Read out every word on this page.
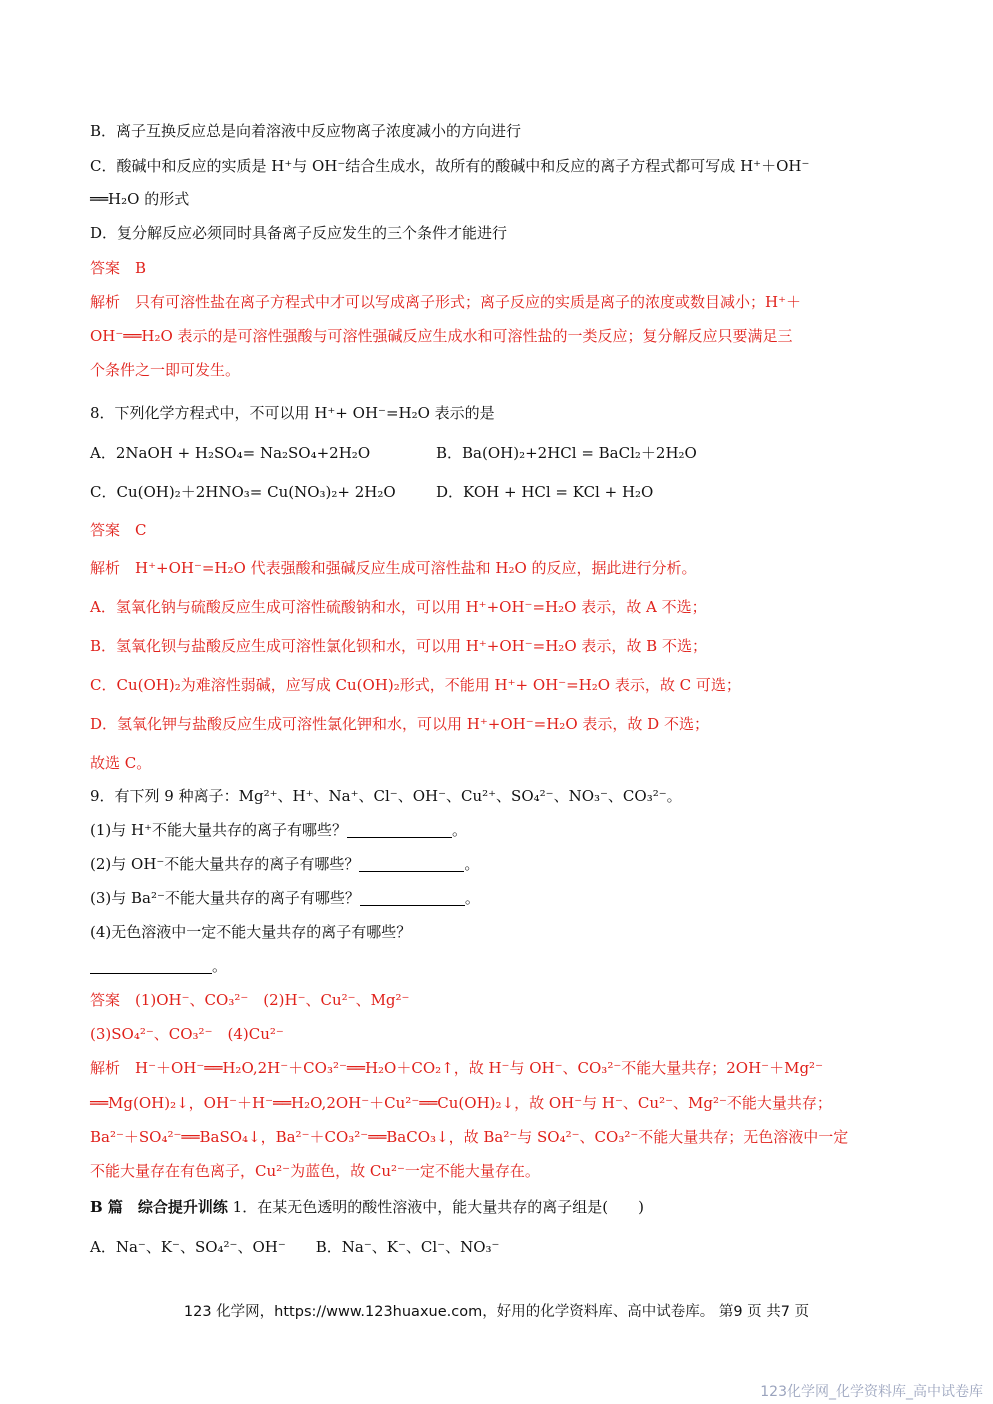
B．离子互换反应总是向着溶液中反应物离子浓度减小的方向进行
C．酸碱中和反应的实质是 H⁺与 OH⁻结合生成水，故所有的酸碱中和反应的离子方程式都可写成 H⁺＋OH⁻
══H₂O 的形式
D．复分解反应必须同时具备离子反应发生的三个条件才能进行
答案　B
解析　只有可溶性盐在离子方程式中才可以写成离子形式；离子反应的实质是离子的浓度或数目减小；H⁺＋
OH⁻══H₂O 表示的是可溶性强酸与可溶性强碱反应生成水和可溶性盐的一类反应；复分解反应只要满足三
个条件之一即可发生。
8．下列化学方程式中，不可以用 H⁺+ OH⁻=H₂O 表示的是
A．2NaOH + H₂SO₄= Na₂SO₄+2H₂O	B．Ba(OH)₂+2HCl = BaCl₂＋2H₂O
C．Cu(OH)₂＋2HNO₃= Cu(NO₃)₂+ 2H₂O	D．KOH + HCl = KCl + H₂O
答案　C
解析　H⁺+OH⁻=H₂O 代表强酸和强碱反应生成可溶性盐和 H₂O 的反应，据此进行分析。
A．氢氧化钠与硫酸反应生成可溶性硫酸钠和水，可以用 H⁺+OH⁻=H₂O 表示，故 A 不选；
B．氢氧化钡与盐酸反应生成可溶性氯化钡和水，可以用 H⁺+OH⁻=H₂O 表示，故 B 不选；
C．Cu(OH)₂为难溶性弱碱，应写成 Cu(OH)₂形式，不能用 H⁺+ OH⁻=H₂O 表示，故 C 可选；
D．氢氧化钾与盐酸反应生成可溶性氯化钾和水，可以用 H⁺+OH⁻=H₂O 表示，故 D 不选；
故选 C。
9．有下列 9 种离子：Mg²⁺、H⁺、Na⁺、Cl⁻、OH⁻、Cu²⁺、SO₄²⁻、NO₃⁻、CO₃²⁻。
(1)与 H⁺不能大量共存的离子有哪些？	。
(2)与 OH⁻不能大量共存的离子有哪些？	。
(3)与 Ba²⁻不能大量共存的离子有哪些？	。
(4)无色溶液中一定不能大量共存的离子有哪些？
。
答案　(1)OH⁻、CO₃²⁻　(2)H⁻、Cu²⁻、Mg²⁻
(3)SO₄²⁻、CO₃²⁻　(4)Cu²⁻
解析　H⁻＋OH⁻══H₂O,2H⁻＋CO₃²⁻══H₂O＋CO₂↑，故 H⁻与 OH⁻、CO₃²⁻不能大量共存；2OH⁻＋Mg²⁻
══Mg(OH)₂↓，OH⁻＋H⁻══H₂O,2OH⁻＋Cu²⁻══Cu(OH)₂↓，故 OH⁻与 H⁻、Cu²⁻、Mg²⁻不能大量共存；
Ba²⁻＋SO₄²⁻══BaSO₄↓，Ba²⁻＋CO₃²⁻══BaCO₃↓，故 Ba²⁻与 SO₄²⁻、CO₃²⁻不能大量共存；无色溶液中一定
不能大量存在有色离子，Cu²⁻为蓝色，故 Cu²⁻一定不能大量存在。
B 篇　综合提升训练 1．在某无色透明的酸性溶液中，能大量共存的离子组是(　　)
A．Na⁻、K⁻、SO₄²⁻、OH⁻　　B．Na⁻、K⁻、Cl⁻、NO₃⁻
123 化学网，https://www.123huaxue.com，好用的化学资料库、高中试卷库。 第9 页 共7 页
123化学网_化学资料库_高中试卷库
